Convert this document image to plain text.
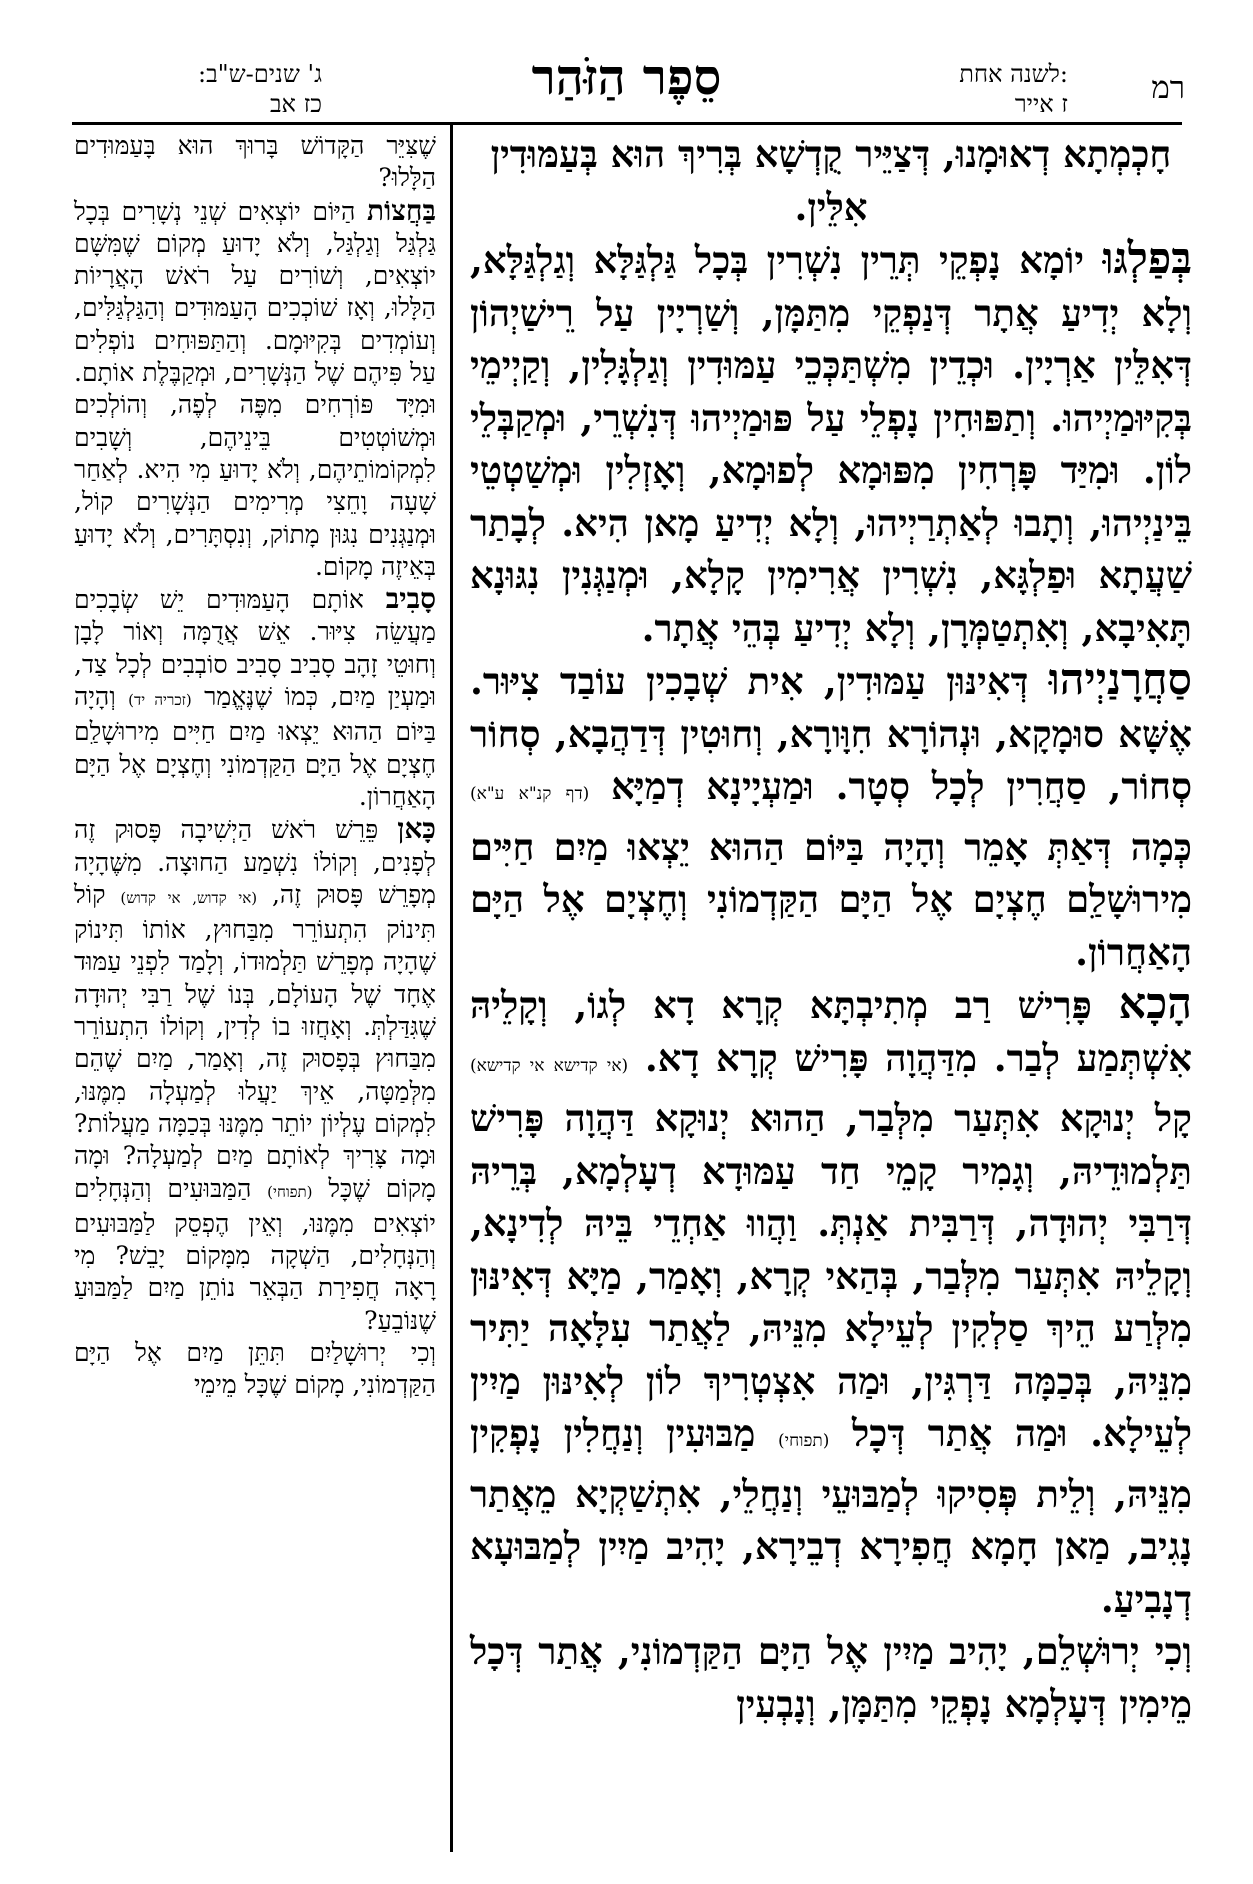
רמ
לשנה אחת:
ז אייר
סֵפֶר הַזֹּהַר
ג' שנים-ש"ב:
כז אב

חָכְמְתָא דְאוּמָנוּ, דְּצַיֵּיר קֻדְשָׁא בְּרִיךְ הוּא בְּעַמּוּדִין אִלֵּין.

בְּפַלְגּוּ יוֹמָא נָפְקֵי תְּרֵין נִשְׁרִין בְּכָל גַּלְגַּלָּא וְגַלְגַּלָּא, וְלָא יְדִיעַ אֲתָר דְּנַפְקֵי מִתַּמָּן, וְשַׁרְיָין עַל רֵישַׁיְהוֹן דְּאִלֵּין אַרְיָין. וּכְדֵין מִשְׁתַּכְּכֵי עַמּוּדִין וְגַלְגָּלִין, וְקַיְימֵי בְּקִיּוּמַיְיהוּ. וְתַפּוּחִין נָפְלֵי עַל פּוּמַיְיהוּ דְּנִשְׁרֵי, וּמְקַבְּלֵי לוֹן. וּמִיַּד פָּרְחִין מִפּוּמָא לְפוּמָא, וְאָזְלִין וּמְשַׁטְטֵי בֵּינַיְיהוּ, וְתָבוּ לְאַתְרַיְיהוּ, וְלָא יְדִיעַ מָאן הִיא. לְבָתַר שַׁעֲתָא וּפַלְגָּא, נִשְׁרִין אֲרִימִין קָלָא, וּמְנַגְּנִין נִגּוּנָא תָּאִיבָא, וְאִתְטַמְּרָן, וְלָא יְדִיעַ בְּהֵי אֲתָר.

סַחֲרָנַיְיהוּ דְּאִינּוּן עַמּוּדִין, אִית שְׁבָכִין עוֹבַד צִיּוּר. אֶשָּׁא סוּמָקָא, וּנְהוֹרָא חִוָּורָא, וְחוּטִין דְּדַהֲבָא, סְחוֹר סְחוֹר, סַחֲרִין לְכָל סְטָר. וּמַעְיָינָא דְמַיָּא (דף קנ"א ע"א) כְּמָה דְּאַתְּ אָמֵר וְהָיָה בַּיּוֹם הַהוּא יֵצְאוּ מַיִם חַיִּים מִירוּשָׁלִַם חֶצְיָם אֶל הַיָּם הַקַּדְמוֹנִי וְחֶצְיָם אֶל הַיָּם הָאַחֲרוֹן.

הָכָא פָּרִישׁ רַב מְתִיבְתָּא קְרָא דָא לְגוֹ, וְקָלֵיהּ אִשְׁתְּמַע לְבַר. מִדַּהֲוָה פָּרִישׁ קְרָא דָא. (אי קדישא אי קדישא) קָל יְנוּקָא אִתְּעַר מִלְּבַר, הַהוּא יְנוּקָא דַּהֲוָה פָּרִישׁ תַּלְמוּדֵיהּ, וְגָמִיר קָמֵי חַד עַמּוּדָא דְעָלְמָא, בְּרֵיהּ דְּרַבִּי יְהוּדָה, דְּרַבִּית אַנְתְּ. וַהֲווּ אַחְדֵי בֵּיהּ לְדִינָא, וְקָלֵיהּ אִתְּעַר מִלְּבַר, בְּהַאי קְרָא, וְאָמַר, מַיָּא דְּאִינּוּן מִלְּרַע הֵיךְ סַלְקִין לְעֵילָא מִנֵּיהּ, לַאֲתַר עִלָּאָה יַתִּיר מִנֵּיהּ, בְּכַמָּה דַּרְגִּין, וּמַה אִצְטְרִיךְ לוֹן לְאִינּוּן מַיִין לְעֵילָא. וּמַה אֲתַר דְּכָל (תפוחי) מַבּוּעִין וְנַחֲלִין נָפְקִין מִנֵּיהּ, וְלֵית פְּסִיקוּ לְמַבּוּעֵי וְנַחֲלֵי, אִתְשַׁקְיָא מֵאֲתַר נָגִיב, מַאן חָמָא חֲפִירָא דְבֵירָא, יָהִיב מַיִין לְמַבּוּעָא דְנָבִיעַ.

וְכִי יְרוּשְׁלֵם, יָהִיב מַיִין אֶל הַיָּם הַקַּדְמוֹנִי, אֲתַר דְּכָל מֵימִין דְּעָלְמָא נָפְקֵי מִתַּמָּן, וְנָבְעִין

שֶׁצִּיֵּר הַקָּדוֹשׁ בָּרוּךְ הוּא בָּעַמּוּדִים הַלָּלוּ?

בַּחֲצוֹת הַיּוֹם יוֹצְאִים שְׁנֵי נְשָׁרִים בְּכָל גַּלְגַּל וְגַלְגַּל, וְלֹא יָדוּעַ מְקוֹם שֶׁמִּשָּׁם יוֹצְאִים, וְשׁוֹרִים עַל רֹאשׁ הָאֲרָיוֹת הַלָּלוּ, וְאָז שׁוֹכְכִים הָעַמּוּדִים וְהַגַּלְגַּלִּים, וְעוֹמְדִים בְּקִיּוּמָם. וְהַתַּפּוּחִים נוֹפְלִים עַל פִּיהֶם שֶׁל הַנְּשָׁרִים, וּמְקַבֶּלֶת אוֹתָם. וּמִיָּד פּוֹרְחִים מִפֶּה לְפֶה, וְהוֹלְכִים וּמְשׁוֹטְטִים בֵּינֵיהֶם, וְשָׁבִים לִמְקוֹמוֹתֵיהֶם, וְלֹא יָדוּעַ מִי הִיא. לְאַחַר שָׁעָה וָחֵצִי מְרִימִים הַנְּשָׁרִים קוֹל, וּמְנַגְּנִים נִגּוּן מָתוֹק, וְנִסְתָּרִים, וְלֹא יָדוּעַ בְּאֵיזֶה מָקוֹם.

סָבִיב אוֹתָם הָעַמּוּדִים יֵשׁ שְׂבָכִים מַעֲשֵׂה צִיּוּר. אֵשׁ אֲדֻמָּה וְאוֹר לָבָן וְחוּטֵי זָהָב סָבִיב סָבִיב סוֹבְבִים לְכָל צַד, וּמַעְיַן מַיִם, כְּמוֹ שֶׁנֶּאֱמַר (זכריה יד) וְהָיָה בַּיּוֹם הַהוּא יֵצְאוּ מַיִם חַיִּים מִירוּשָׁלִַם חֶצְיָם אֶל הַיָּם הַקַּדְמוֹנִי וְחֶצְיָם אֶל הַיָּם הָאַחֲרוֹן.

כָּאן פֵּרֵשׁ רֹאשׁ הַיְשִׁיבָה פָּסוּק זֶה לְפָנִים, וְקוֹלוֹ נִשְׁמַע הַחוּצָה. מִשֶּׁהָיָה מְפָרֵשׁ פָּסוּק זֶה, (אי קדוש, אי קדוש) קוֹל תִּינוֹק הִתְעוֹרֵר מִבַּחוּץ, אוֹתוֹ תִּינוֹק שֶׁהָיָה מְפָרֵשׁ תַּלְמוּדוֹ, וְלָמַד לִפְנֵי עַמּוּד אֶחָד שֶׁל הָעוֹלָם, בְּנוֹ שֶׁל רַבִּי יְהוּדָה שֶׁגִּדַּלְתְּ. וְאָחֲזוּ בוֹ לְדִין, וְקוֹלוֹ הִתְעוֹרֵר מִבַּחוּץ בְּפָסוּק זֶה, וְאָמַר, מַיִם שֶׁהֵם מִלְּמַטָּה, אֵיךְ יַעֲלוּ לְמַעְלָה מִמֶּנּוּ, לִמְקוֹם עֶלְיוֹן יוֹתֵר מִמֶּנּוּ בְּכַמָּה מַעֲלוֹת? וּמָה צָּרִיךְ לְאוֹתָם מַיִם לְמַעְלָה? וּמָה מָקוֹם שֶׁכָּל (תפוחי) הַמַּבּוּעִים וְהַנְּחָלִים יוֹצְאִים מִמֶּנּוּ, וְאֵין הֶפְסֵק לַמַּבּוּעִים וְהַנְּחָלִים, הַשְׁקָה מִמָּקוֹם יָבֵשׁ? מִי רָאָה חֲפִירַת הַבְּאֵר נוֹתֵן מַיִם לַמַּבּוּעַ שֶׁנּוֹבֵעַ?

וְכִי יְרוּשָׁלַיִם תִּתֵּן מַיִם אֶל הַיָּם הַקַּדְמוֹנִי, מָקוֹם שֶׁכָּל מֵימֵי
